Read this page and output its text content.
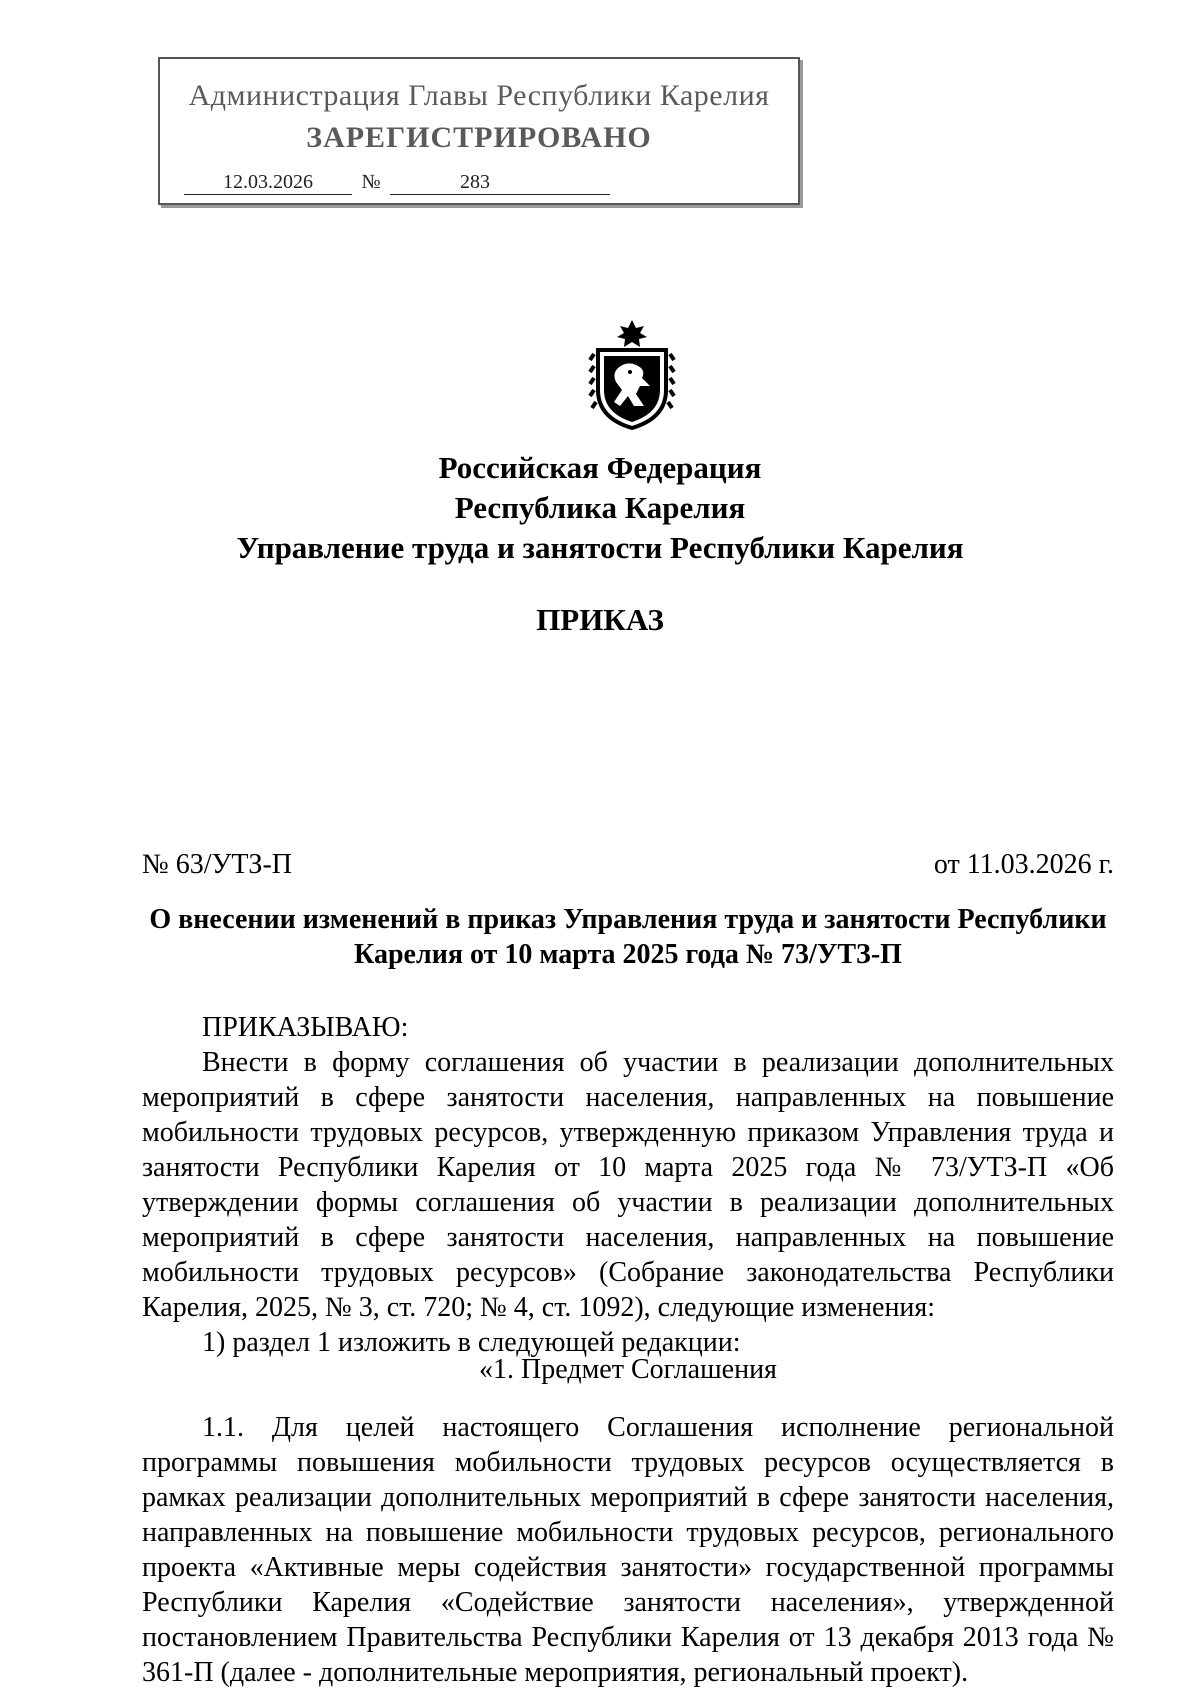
Администрация Главы Республики Карелия
ЗАРЕГИСТРИРОВАНО
12.03.2026	№	283
Российская Федерация
Республика Карелия
Управление труда и занятости Республики Карелия
ПРИКАЗ
№ 63/УТЗ-П	от 11.03.2026 г.
О внесении изменений в приказ Управления труда и занятости Республики
Карелия от 10 марта 2025 года № 73/УТЗ-П

ПРИКАЗЫВАЮ:

Внести в форму соглашения об участии в реализации дополнительных мероприятий в сфере занятости населения, направленных на повышение мобильности трудовых ресурсов, утвержденную приказом Управления труда и занятости Республики Карелия от 10 марта 2025 года № 73/УТЗ-П «Об утверждении формы соглашения об участии в реализации дополнительных мероприятий в сфере занятости населения, направленных на повышение мобильности трудовых ресурсов» (Собрание законодательства Республики Карелия, 2025, № 3, ст. 720; № 4, ст. 1092), следующие изменения:

1) раздел 1 изложить в следующей редакции:

«1. Предмет Соглашения

1.1. Для целей настоящего Соглашения исполнение региональной программы повышения мобильности трудовых ресурсов осуществляется в рамках реализации дополнительных мероприятий в сфере занятости населения, направленных на повышение мобильности трудовых ресурсов, регионального проекта «Активные меры содействия занятости» государственной программы Республики Карелия «Содействие занятости населения», утвержденной постановлением Правительства Республики Карелия от 13 декабря 2013 года № 361-П (далее - дополнительные мероприятия, региональный проект).
